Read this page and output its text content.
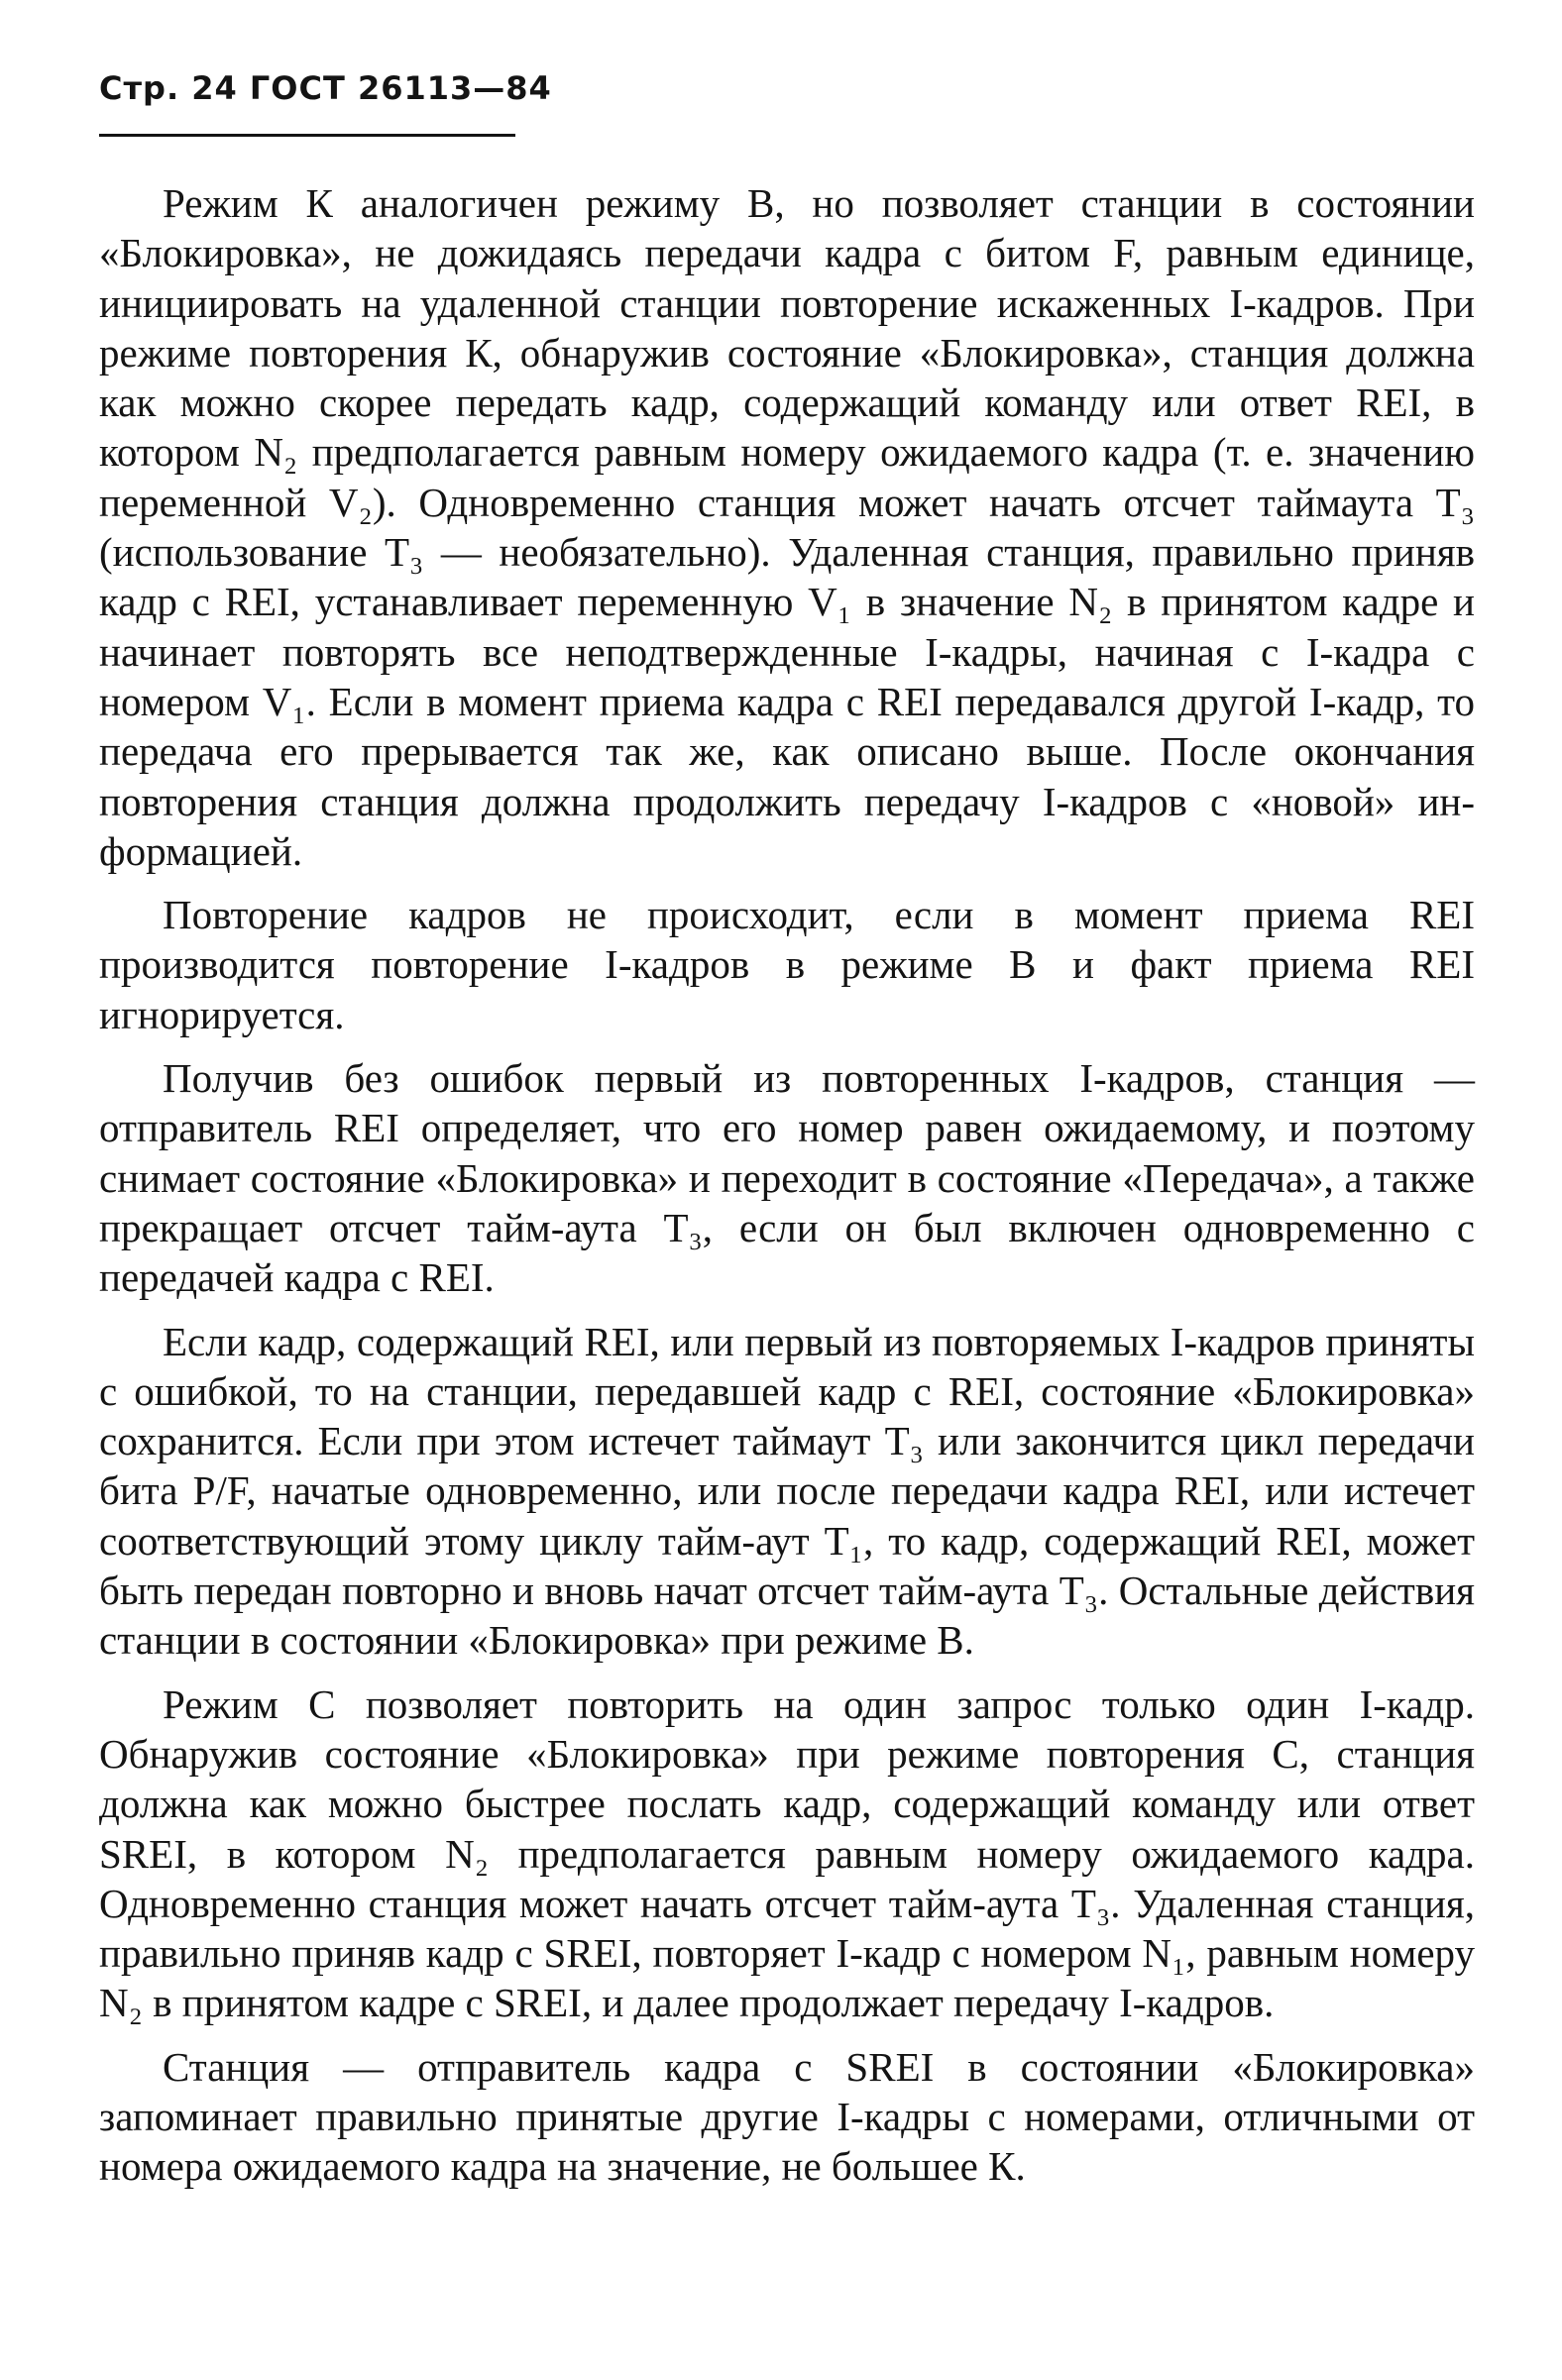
Стр. 24 ГОСТ 26113—84

Режим К аналогичен режиму B, но позволяет станции в состоянии «Блокировка», не дожидаясь передачи кадра с битом F, равным единице, инициировать на удаленной станции повторение искаженных I-кадров. При режиме повторения К, обнаружив состояние «Блокировка», станция должна как можно скорее передать кадр, содержащий команду или ответ REI, в котором N₂ предполагается равным номеру ожидаемого кадра (т. е. значению переменной V₂). Одновременно станция может начать отсчет таймаута T₃ (использование T₃ — необязательно). Удаленная станция, правильно приняв кадр с REI, устанавливает переменную V₁ в значение N₂ в принятом кадре и начинает повторять все неподтвержденные I-кадры, начиная с I-кадра с номером V₁. Если в момент приема кадра с REI передавался другой I-кадр, то передача его прерывается так же, как описано выше. После окончания повторения станция должна продолжить передачу I-кадров с «новой» информацией.

Повторение кадров не происходит, если в момент приема REI производится повторение I-кадров в режиме B и факт приема REI игнорируется.

Получив без ошибок первый из повторенных I-кадров, станция — отправитель REI определяет, что его номер равен ожидаемому, и поэтому снимает состояние «Блокировка» и переходит в состояние «Передача», а также прекращает отсчет тайм-аута T₃, если он был включен одновременно с передачей кадра с REI.

Если кадр, содержащий REI, или первый из повторяемых I-кадров приняты с ошибкой, то на станции, передавшей кадр с REI, состояние «Блокировка» сохранится. Если при этом истечет таймаут T₃ или закончится цикл передачи бита P/F, начатые одновременно, или после передачи кадра REI, или истечет соответствующий этому циклу тайм-аут T₁, то кадр, содержащий REI, может быть передан повторно и вновь начат отсчет тайм-аута T₃. Остальные действия станции в состоянии «Блокировка» при режиме B.

Режим C позволяет повторить на один запрос только один I-кадр. Обнаружив состояние «Блокировка» при режиме повторения C, станция должна как можно быстрее послать кадр, содержащий команду или ответ SREI, в котором N₂ предполагается равным номеру ожидаемого кадра. Одновременно станция может начать отсчет тайм-аута T₃. Удаленная станция, правильно приняв кадр с SREI, повторяет I-кадр с номером N₁, равным номеру N₂ в принятом кадре с SREI, и далее продолжает передачу I-кадров.

Станция — отправитель кадра с SREI в состоянии «Блокировка» запоминает правильно принятые другие I-кадры с номерами, отличными от номера ожидаемого кадра на значение, не большее К.
